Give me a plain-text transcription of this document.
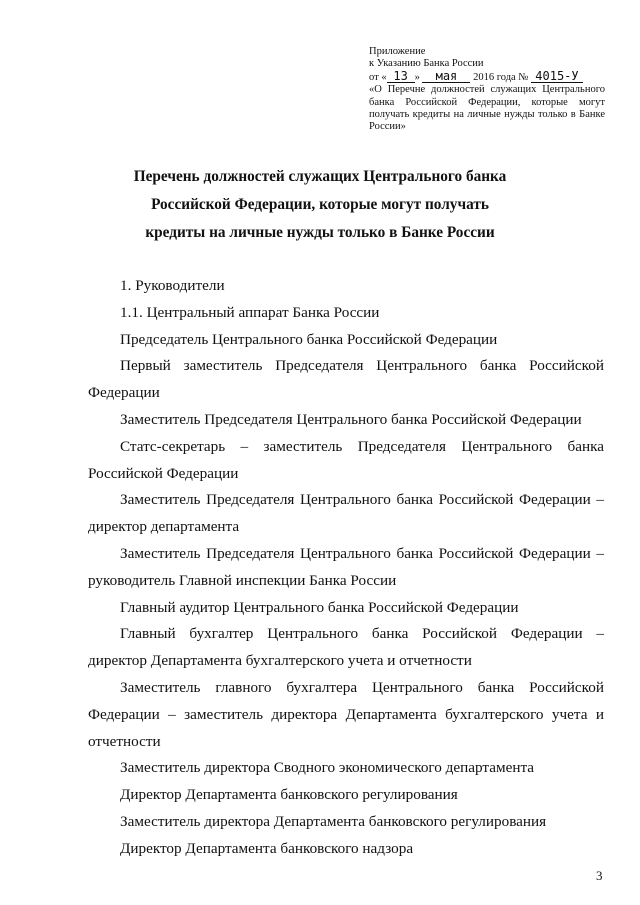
Приложение
к Указанию Банка России
от « 13 » мая 2016 года № 4015-У
«О Перечне должностей служащих Центрального банка Российской Федерации, которые могут получать кредиты на личные нужды только в Банке России»
Перечень должностей служащих Центрального банка
Российской Федерации, которые могут получать
кредиты на личные нужды только в Банке России
1. Руководители
1.1. Центральный аппарат Банка России
Председатель Центрального банка Российской Федерации
Первый заместитель Председателя Центрального банка Российской Федерации
Заместитель Председателя Центрального банка Российской Федерации
Статс-секретарь – заместитель Председателя Центрального банка Российской Федерации
Заместитель Председателя Центрального банка Российской Федерации – директор департамента
Заместитель Председателя Центрального банка Российской Федерации – руководитель Главной инспекции Банка России
Главный аудитор Центрального банка Российской Федерации
Главный бухгалтер Центрального банка Российской Федерации – директор Департамента бухгалтерского учета и отчетности
Заместитель главного бухгалтера Центрального банка Российской Федерации – заместитель директора Департамента бухгалтерского учета и отчетности
Заместитель директора Сводного экономического департамента
Директор Департамента банковского регулирования
Заместитель директора Департамента банковского регулирования
Директор Департамента банковского надзора
3
